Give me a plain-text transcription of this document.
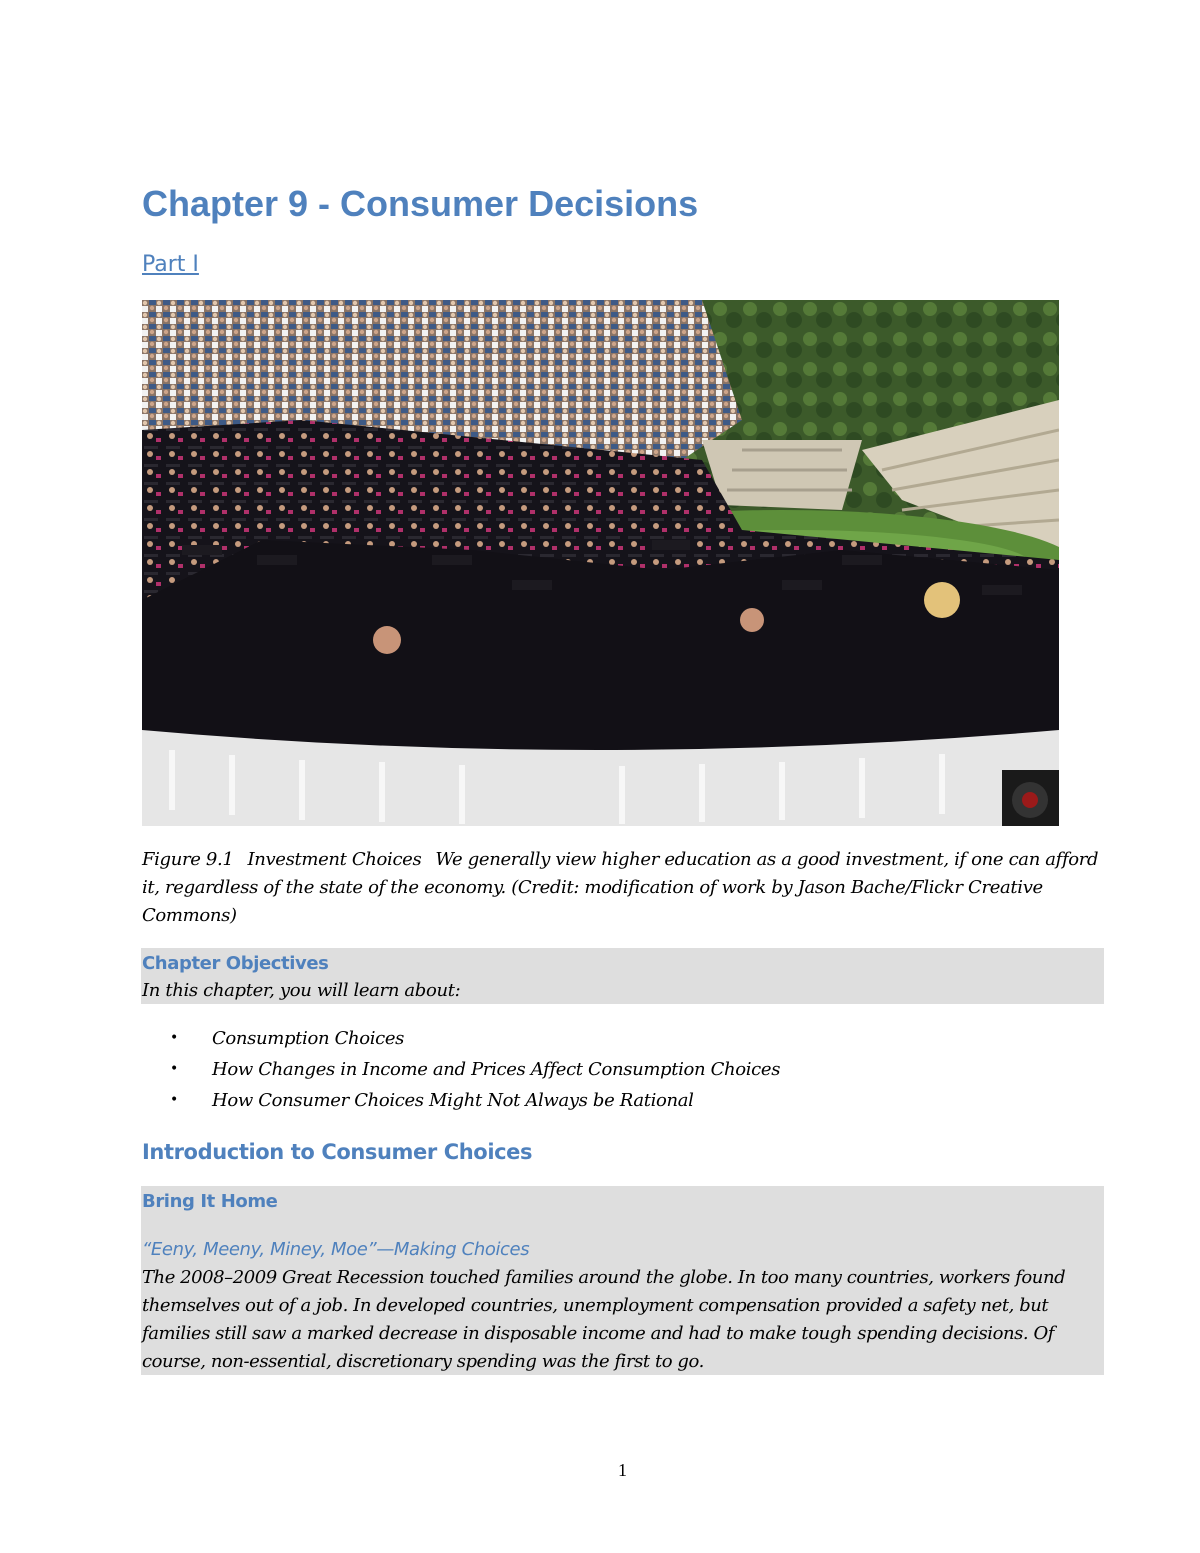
Chapter 9 - Consumer Decisions
Part I

Figure 9.1 Investment Choices We generally view higher education as a good investment, if one can afford it, regardless of the state of the economy. (Credit: modification of work by Jason Bache/Flickr Creative Commons)

Chapter Objectives
In this chapter, you will learn about:
• Consumption Choices
• How Changes in Income and Prices Affect Consumption Choices
• How Consumer Choices Might Not Always be Rational
Introduction to Consumer Choices
Bring It Home
“Eeny, Meeny, Miney, Moe”—Making Choices

The 2008–2009 Great Recession touched families around the globe. In too many countries, workers found themselves out of a job. In developed countries, unemployment compensation provided a safety net, but families still saw a marked decrease in disposable income and had to make tough spending decisions. Of course, non-essential, discretionary spending was the first to go.

1
